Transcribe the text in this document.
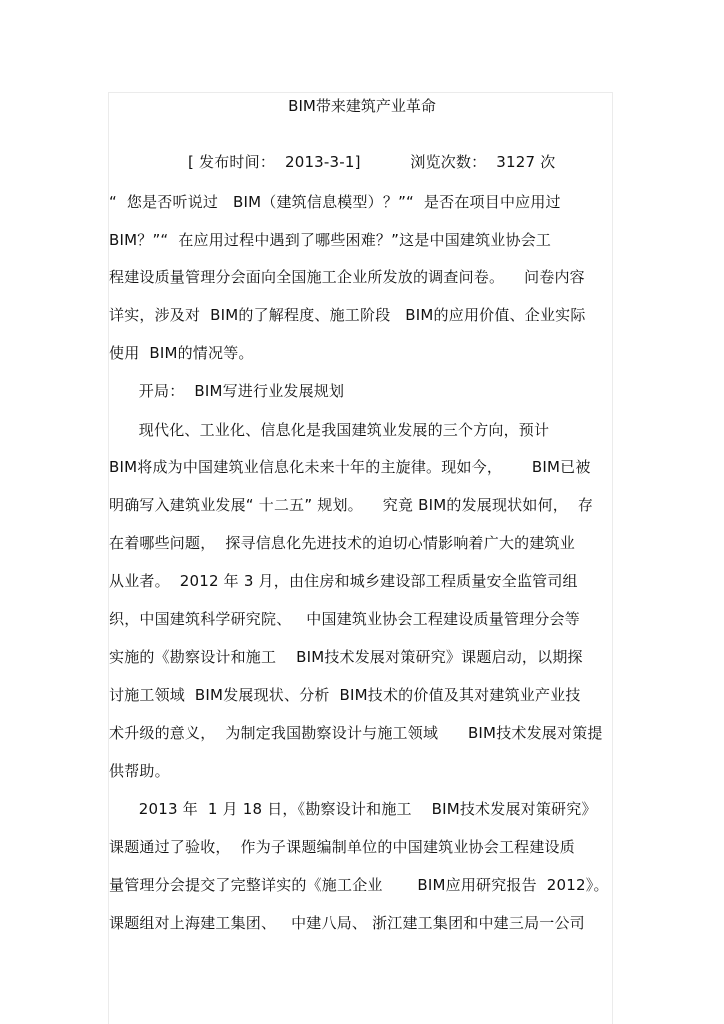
BIM带来建筑产业革命
[ 发布时间：  2013-3-1]          浏览次数：  3127 次
“  您是否听说过   BIM（建筑信息模型）？”“  是否在项目中应用过
BIM？”“  在应用过程中遇到了哪些困难？”这是中国建筑业协会工
程建设质量管理分会面向全国施工企业所发放的调查问卷。    问卷内容
详实，涉及对  BIM的了解程度、施工阶段   BIM的应用价值、企业实际
使用  BIM的情况等。
开局：  BIM写进行业发展规划
现代化、工业化、信息化是我国建筑业发展的三个方向，预计
BIM将成为中国建筑业信息化未来十年的主旋律。现如今，      BIM已被
明确写入建筑业发展“ 十二五” 规划。    究竟 BIM的发展现状如何，  存
在着哪些问题，  探寻信息化先进技术的迫切心情影响着广大的建筑业
从业者。  2012 年 3 月，由住房和城乡建设部工程质量安全监管司组
织，中国建筑科学研究院、   中国建筑业协会工程建设质量管理分会等
实施的《勘察设计和施工    BIM技术发展对策研究》课题启动，以期探
讨施工领域  BIM发展现状、分析  BIM技术的价值及其对建筑业产业技
术升级的意义，  为制定我国勘察设计与施工领域      BIM技术发展对策提
供帮助。
2013 年  1 月 18 日，《勘察设计和施工    BIM技术发展对策研究》
课题通过了验收，  作为子课题编制单位的中国建筑业协会工程建设质
量管理分会提交了完整详实的《施工企业       BIM应用研究报告  2012》。
课题组对上海建工集团、   中建八局、 浙江建工集团和中建三局一公司
